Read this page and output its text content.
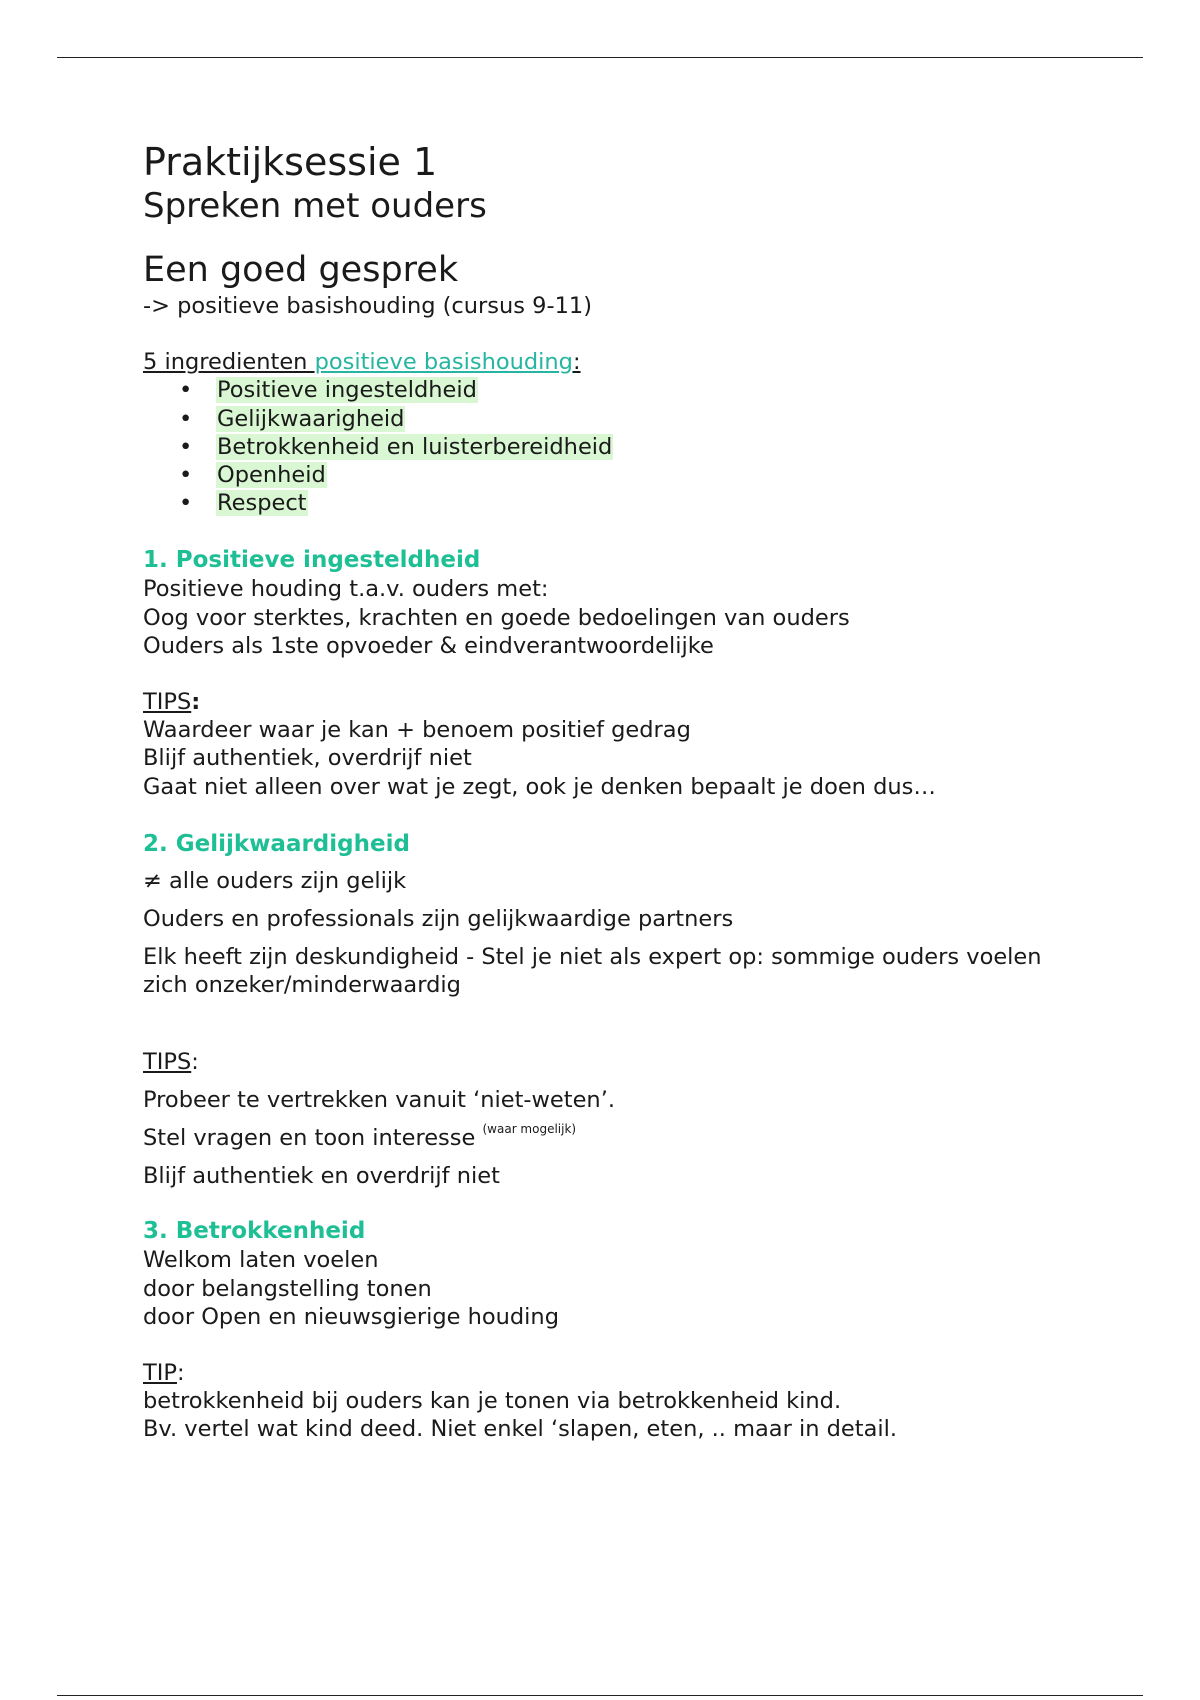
Praktijksessie 1
Spreken met ouders
Een goed gesprek

-> positieve basishouding (cursus 9-11)

5 ingredienten positieve basishouding:

• Positieve ingesteldheid
• Gelijkwaarigheid
• Betrokkenheid en luisterbereidheid
• Openheid
• Respect
1. Positieve ingesteldheid

Positieve houding t.a.v. ouders met:

Oog voor sterktes, krachten en goede bedoelingen van ouders

Ouders als 1ste opvoeder & eindverantwoordelijke

TIPS:

Waardeer waar je kan + benoem positief gedrag

Blijf authentiek, overdrijf niet

Gaat niet alleen over wat je zegt, ook je denken bepaalt je doen dus…

2. Gelijkwaardigheid

≠ alle ouders zijn gelijk

Ouders en professionals zijn gelijkwaardige partners

Elk heeft zijn deskundigheid - Stel je niet als expert op: sommige ouders voelen zich onzeker/minderwaardig

TIPS:

Probeer te vertrekken vanuit ‘niet-weten’.

Stel vragen en toon interesse $^{(waar mogelijk)}$

Blijf authentiek en overdrijf niet

3. Betrokkenheid

Welkom laten voelen

door belangstelling tonen

door Open en nieuwsgierige houding

TIP:

betrokkenheid bij ouders kan je tonen via betrokkenheid kind.

Bv. vertel wat kind deed. Niet enkel ‘slapen, eten, .. maar in detail.
